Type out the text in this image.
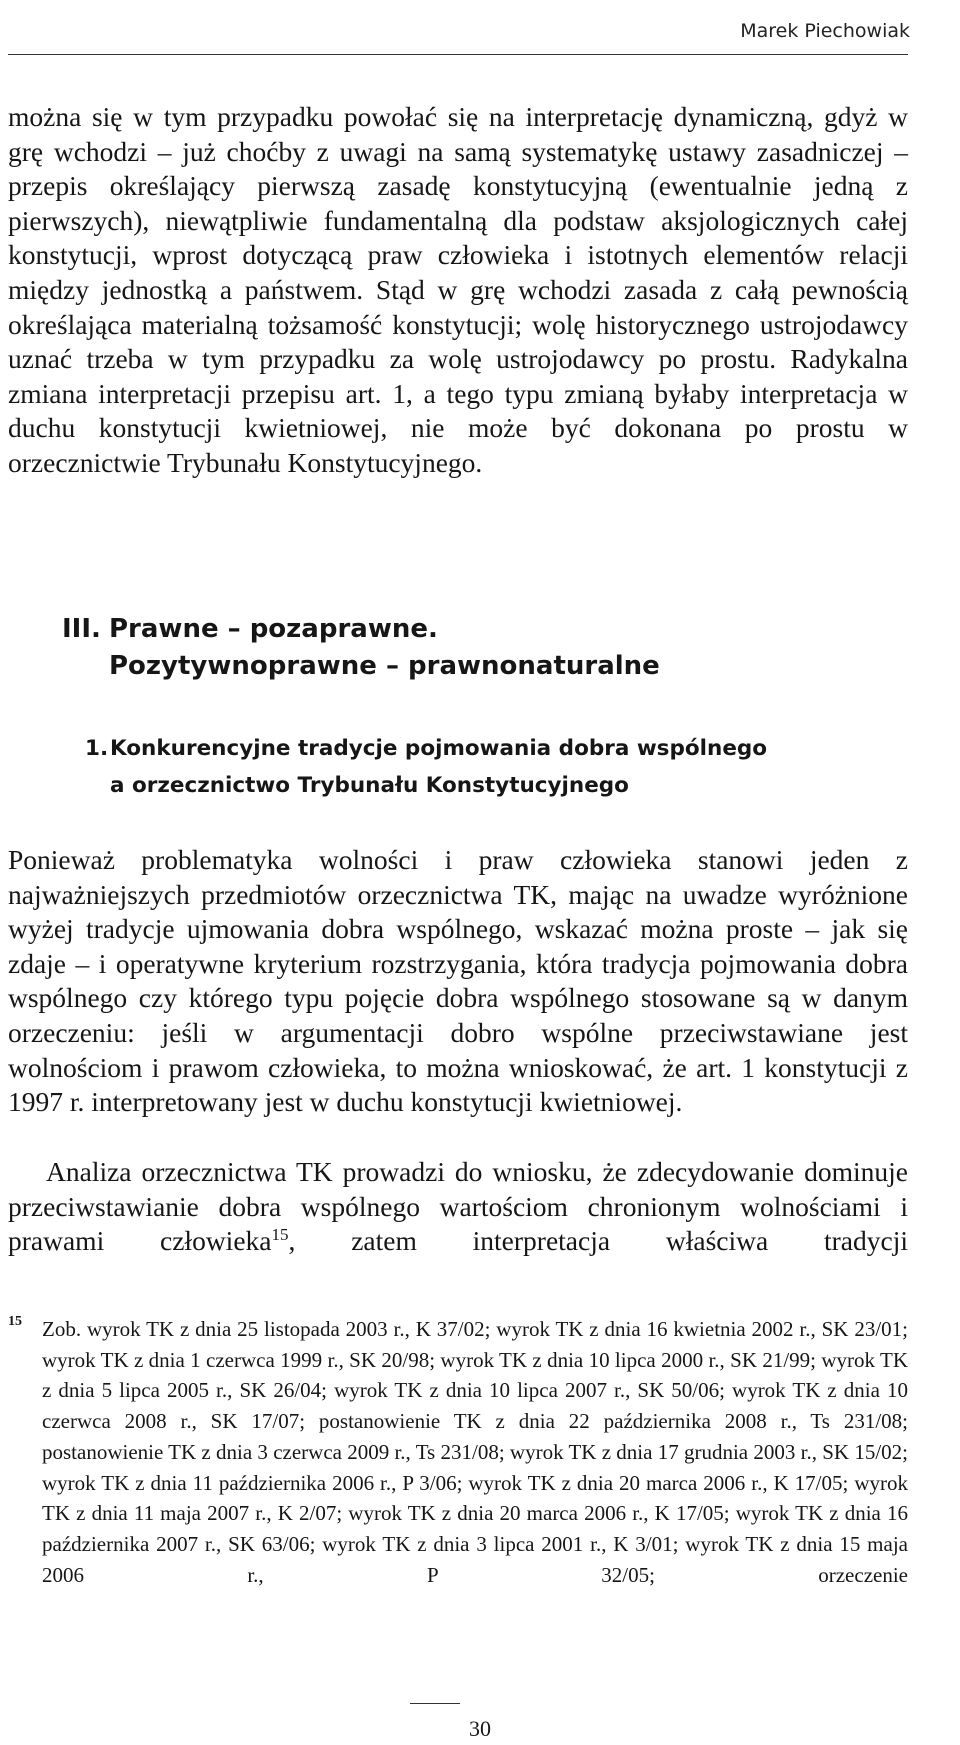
Marek Piechowiak

można się w tym przypadku powołać się na interpretację dynamiczną, gdyż w grę wchodzi – już choćby z uwagi na samą systematykę ustawy zasadniczej – przepis określający pierwszą zasadę konstytucyjną (ewentualnie jedną z pierwszych), niewątpliwie fundamentalną dla podstaw aksjologicznych całej konstytucji, wprost dotyczącą praw człowieka i istotnych elementów relacji między jednostką a państwem. Stąd w grę wchodzi zasada z całą pewnością określająca materialną tożsamość konstytucji; wolę historycznego ustrojodawcy uznać trzeba w tym przypadku za wolę ustrojodawcy po prostu. Radykalna zmiana interpretacji przepisu art. 1, a tego typu zmianą byłaby interpretacja w duchu konstytucji kwietniowej, nie może być dokonana po prostu w orzecznictwie Trybunału Konstytucyjnego.

III. Prawne – pozaprawne.
Pozytywnoprawne – prawnonaturalne
1. Konkurencyjne tradycje pojmowania dobra wspólnego
a orzecznictwo Trybunału Konstytucyjnego

Ponieważ problematyka wolności i praw człowieka stanowi jeden z najważniejszych przedmiotów orzecznictwa TK, mając na uwadze wyróżnione wyżej tradycje ujmowania dobra wspólnego, wskazać można proste – jak się zdaje – i operatywne kryterium rozstrzygania, która tradycja pojmowania dobra wspólnego czy którego typu pojęcie dobra wspólnego stosowane są w danym orzeczeniu: jeśli w argumentacji dobro wspólne przeciwstawiane jest wolnościom i prawom człowieka, to można wnioskować, że art. 1 konstytucji z 1997 r. interpretowany jest w duchu konstytucji kwietniowej.

Analiza orzecznictwa TK prowadzi do wniosku, że zdecydowanie dominuje przeciwstawianie dobra wspólnego wartościom chronionym wolnościami i prawami człowieka$^{15}$, zatem interpretacja właściwa tradycji

15 Zob. wyrok TK z dnia 25 listopada 2003 r., K 37/02; wyrok TK z dnia 16 kwietnia 2002 r., SK 23/01; wyrok TK z dnia 1 czerwca 1999 r., SK 20/98; wyrok TK z dnia 10 lipca 2000 r., SK 21/99; wyrok TK z dnia 5 lipca 2005 r., SK 26/04; wyrok TK z dnia 10 lipca 2007 r., SK 50/06; wyrok TK z dnia 10 czerwca 2008 r., SK 17/07; postanowienie TK z dnia 22 października 2008 r., Ts 231/08; postanowienie TK z dnia 3 czerwca 2009 r., Ts 231/08; wyrok TK z dnia 17 grudnia 2003 r., SK 15/02; wyrok TK z dnia 11 października 2006 r., P 3/06; wyrok TK z dnia 20 marca 2006 r., K 17/05; wyrok TK z dnia 11 maja 2007 r., K 2/07; wyrok TK z dnia 20 marca 2006 r., K 17/05; wyrok TK z dnia 16 października 2007 r., SK 63/06; wyrok TK z dnia 3 lipca 2001 r., K 3/01; wyrok TK z dnia 15 maja 2006 r., P 32/05; orzeczenie

30
